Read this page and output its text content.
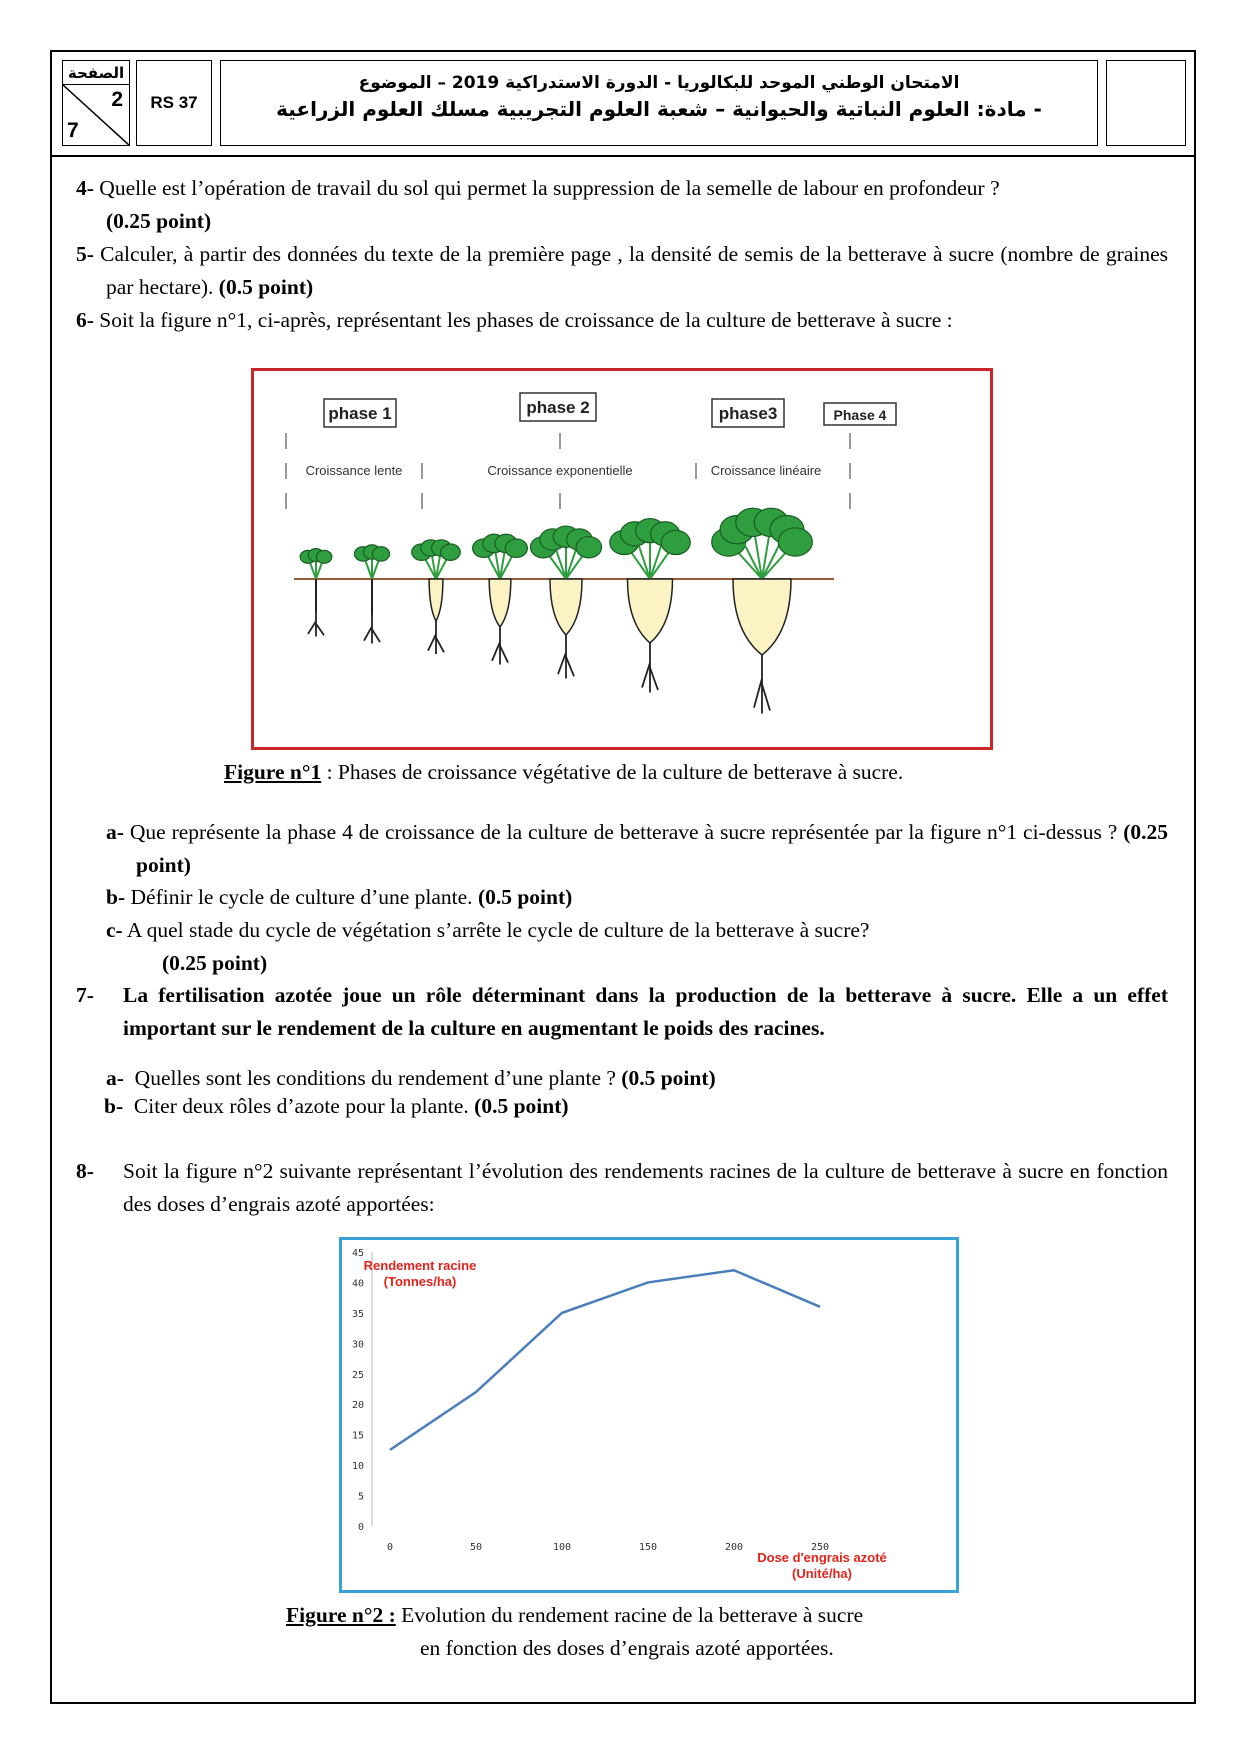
الصفحة
2
7
RS 37
الامتحان الوطني الموحد للبكالوريا - الدورة الاستدراكية 2019 – الموضوع
- مادة: العلوم النباتية والحيوانية – شعبة العلوم التجريبية مسلك العلوم الزراعية
4- Quelle est l’opération de travail du sol qui permet la suppression de la semelle de labour en profondeur ?
(0.25 point)
5- Calculer, à partir des données du texte de la première page , la densité de semis de la betterave à sucre (nombre de graines par hectare). (0.5 point)
6- Soit la figure n°1, ci-après, représentant les phases de croissance de la culture de betterave à sucre :
phase 1	phase 2	phase3	Phase 4
Croissance lente	Croissance exponentielle	Croissance linéaire
Figure n°1 : Phases de croissance végétative de la culture de betterave à sucre.
a- Que représente la phase 4 de croissance de la culture de betterave à sucre représentée par la figure n°1 ci-dessus ? (0.25 point)
b- Définir le cycle de culture d’une plante. (0.5 point)
c- A quel stade du cycle de végétation s’arrête le cycle de culture de la betterave à sucre?
(0.25 point)
7- La fertilisation azotée joue un rôle déterminant dans la production de la betterave à sucre. Elle a un effet important sur le rendement de la culture en augmentant le poids des racines.
a- Quelles sont les conditions du rendement d’une plante ? (0.5 point)
b- Citer deux rôles d’azote pour la plante. (0.5 point)
8- Soit la figure n°2 suivante représentant l’évolution des rendements racines de la culture de betterave à sucre en fonction des doses d’engrais azoté apportées:
0
5
10
15
20
25
30
35
40
45
0	50	100	150	200	250
Rendement racine
(Tonnes/ha)
Dose d'engrais azoté
(Unité/ha)
Figure n°2 : Evolution du rendement racine de la betterave à sucre
en fonction des doses d’engrais azoté apportées.
